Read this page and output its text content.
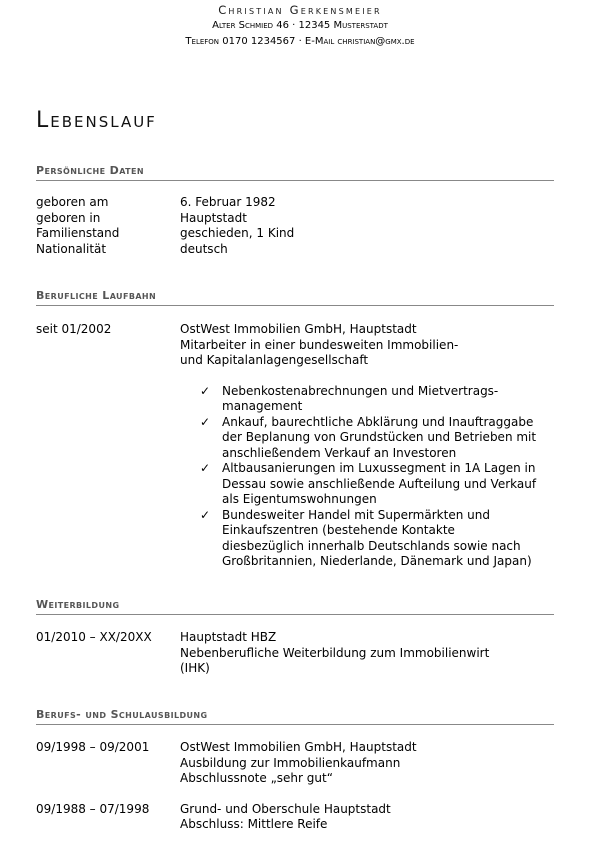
Christian Gerkensmeier
Alter Schmied 46 · 12345 Musterstadt
Telefon 0170 1234567 · E-Mail christian@gmx.de
Lebenslauf
Persönliche Daten
geboren am	6. Februar 1982
geboren in	Hauptstadt
Familienstand	geschieden, 1 Kind
Nationalität	deutsch
Berufliche Laufbahn
seit 01/2002	OstWest Immobilien GmbH, Hauptstadt
Mitarbeiter in einer bundesweiten Immobilien-
und Kapitalanlagengesellschaft
✓ Nebenkostenabrechnungen und Mietvertrags-
management
✓ Ankauf, baurechtliche Abklärung und Inauftraggabe
der Beplanung von Grundstücken und Betrieben mit
anschließendem Verkauf an Investoren
✓ Altbausanierungen im Luxussegment in 1A Lagen in
Dessau sowie anschließende Aufteilung und Verkauf
als Eigentumswohnungen
✓ Bundesweiter Handel mit Supermärkten und
Einkaufszentren (bestehende Kontakte
diesbezüglich innerhalb Deutschlands sowie nach
Großbritannien, Niederlande, Dänemark und Japan)
Weiterbildung
01/2010 – XX/20XX	Hauptstadt HBZ
Nebenberufliche Weiterbildung zum Immobilienwirt
(IHK)
Berufs- und Schulausbildung
09/1998 – 09/2001	OstWest Immobilien GmbH, Hauptstadt
Ausbildung zur Immobilienkaufmann
Abschlussnote „sehr gut“
09/1988 – 07/1998	Grund- und Oberschule Hauptstadt
Abschluss: Mittlere Reife
